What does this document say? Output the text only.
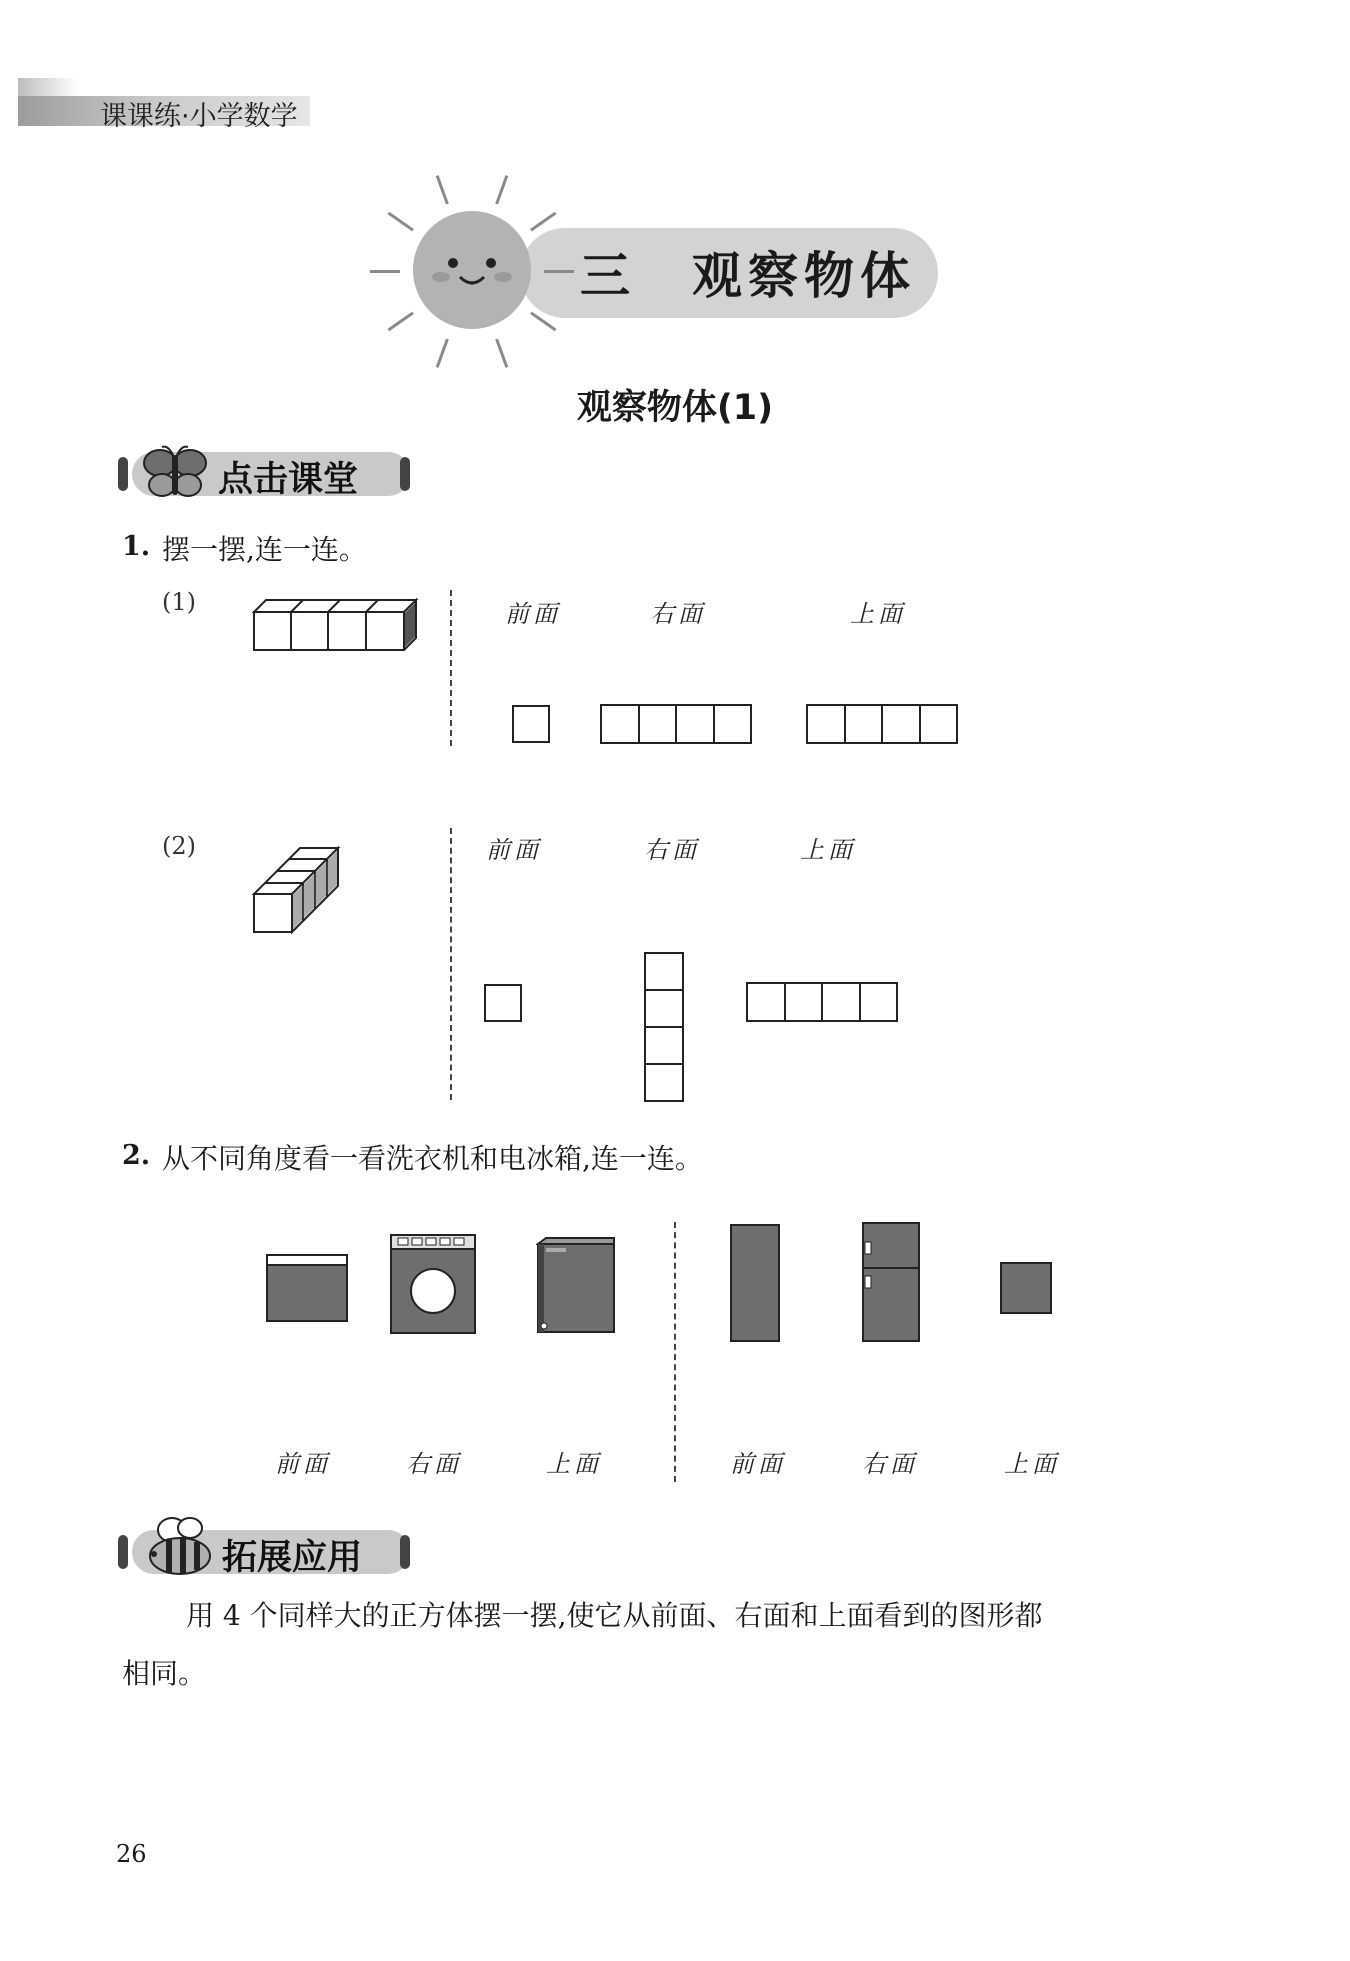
课课练·小学数学
三 观察物体
观察物体(1)
点击课堂
1. 摆一摆,连一连。
(1)	前面	右面	上面
(2)	前面	右面	上面
2. 从不同角度看一看洗衣机和电冰箱,连一连。
前面	右面	上面	前面	右面	上面
拓展应用
用 4 个同样大的正方体摆一摆,使它从前面、右面和上面看到的图形都
相同。
26
